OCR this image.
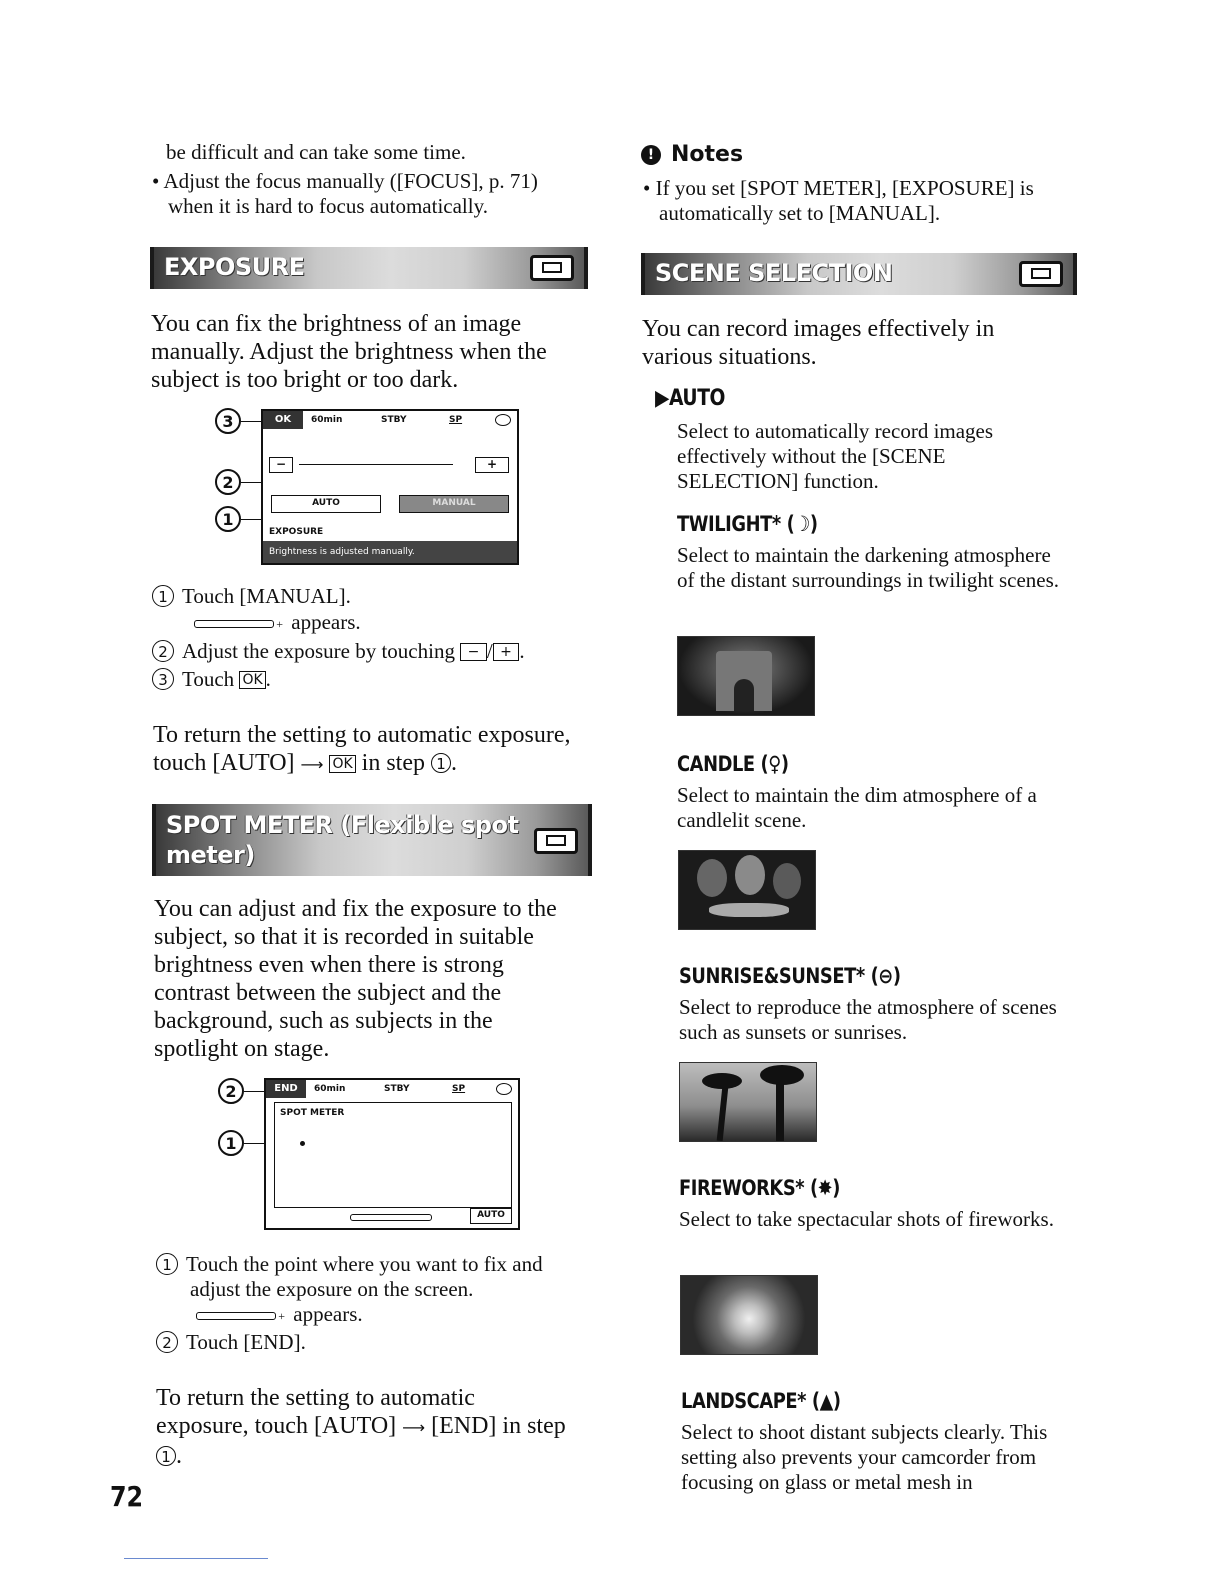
be difficult and can take some time.
• Adjust the focus manually ([FOCUS], p. 71) when it is hard to focus automatically.
EXPOSURE
You can fix the brightness of an image manually. Adjust the brightness when the subject is too bright or too dark.
3
2
1
OK	60min	STBY	SP
−	+
AUTO	MANUAL
EXPOSURE
Brightness is adjusted manually.
1 Touch [MANUAL].
+ appears.
2 Adjust the exposure by touching  − / + .
3 Touch OK .
To return the setting to automatic exposure, touch [AUTO] ⟶ OK in step 1 .
SPOT METER (Flexible spot
meter)
You can adjust and fix the exposure to the subject, so that it is recorded in suitable brightness even when there is strong contrast between the subject and the background, such as subjects in the spotlight on stage.
2
1
END	60min	STBY	SP
SPOT METER
AUTO
1 Touch the point where you want to fix and adjust the exposure on the screen.
+ appears.
2 Touch [END].
To return the setting to automatic exposure, touch [AUTO] ⟶ [END] in step 1 .
72
! Notes
• If you set [SPOT METER], [EXPOSURE] is automatically set to [MANUAL].
SCENE SELECTION
You can record images effectively in various situations.
▶AUTO
Select to automatically record images effectively without the [SCENE SELECTION] function.
TWILIGHT* (☽)
Select to maintain the darkening atmosphere of the distant surroundings in twilight scenes.
CANDLE (♀)
Select to maintain the dim atmosphere of a candlelit scene.
SUNRISE&SUNSET* (⊖)
Select to reproduce the atmosphere of scenes such as sunsets or sunrises.
FIREWORKS* (✸)
Select to take spectacular shots of fireworks.
LANDSCAPE* (▲)
Select to shoot distant subjects clearly. This setting also prevents your camcorder from focusing on glass or metal mesh in
